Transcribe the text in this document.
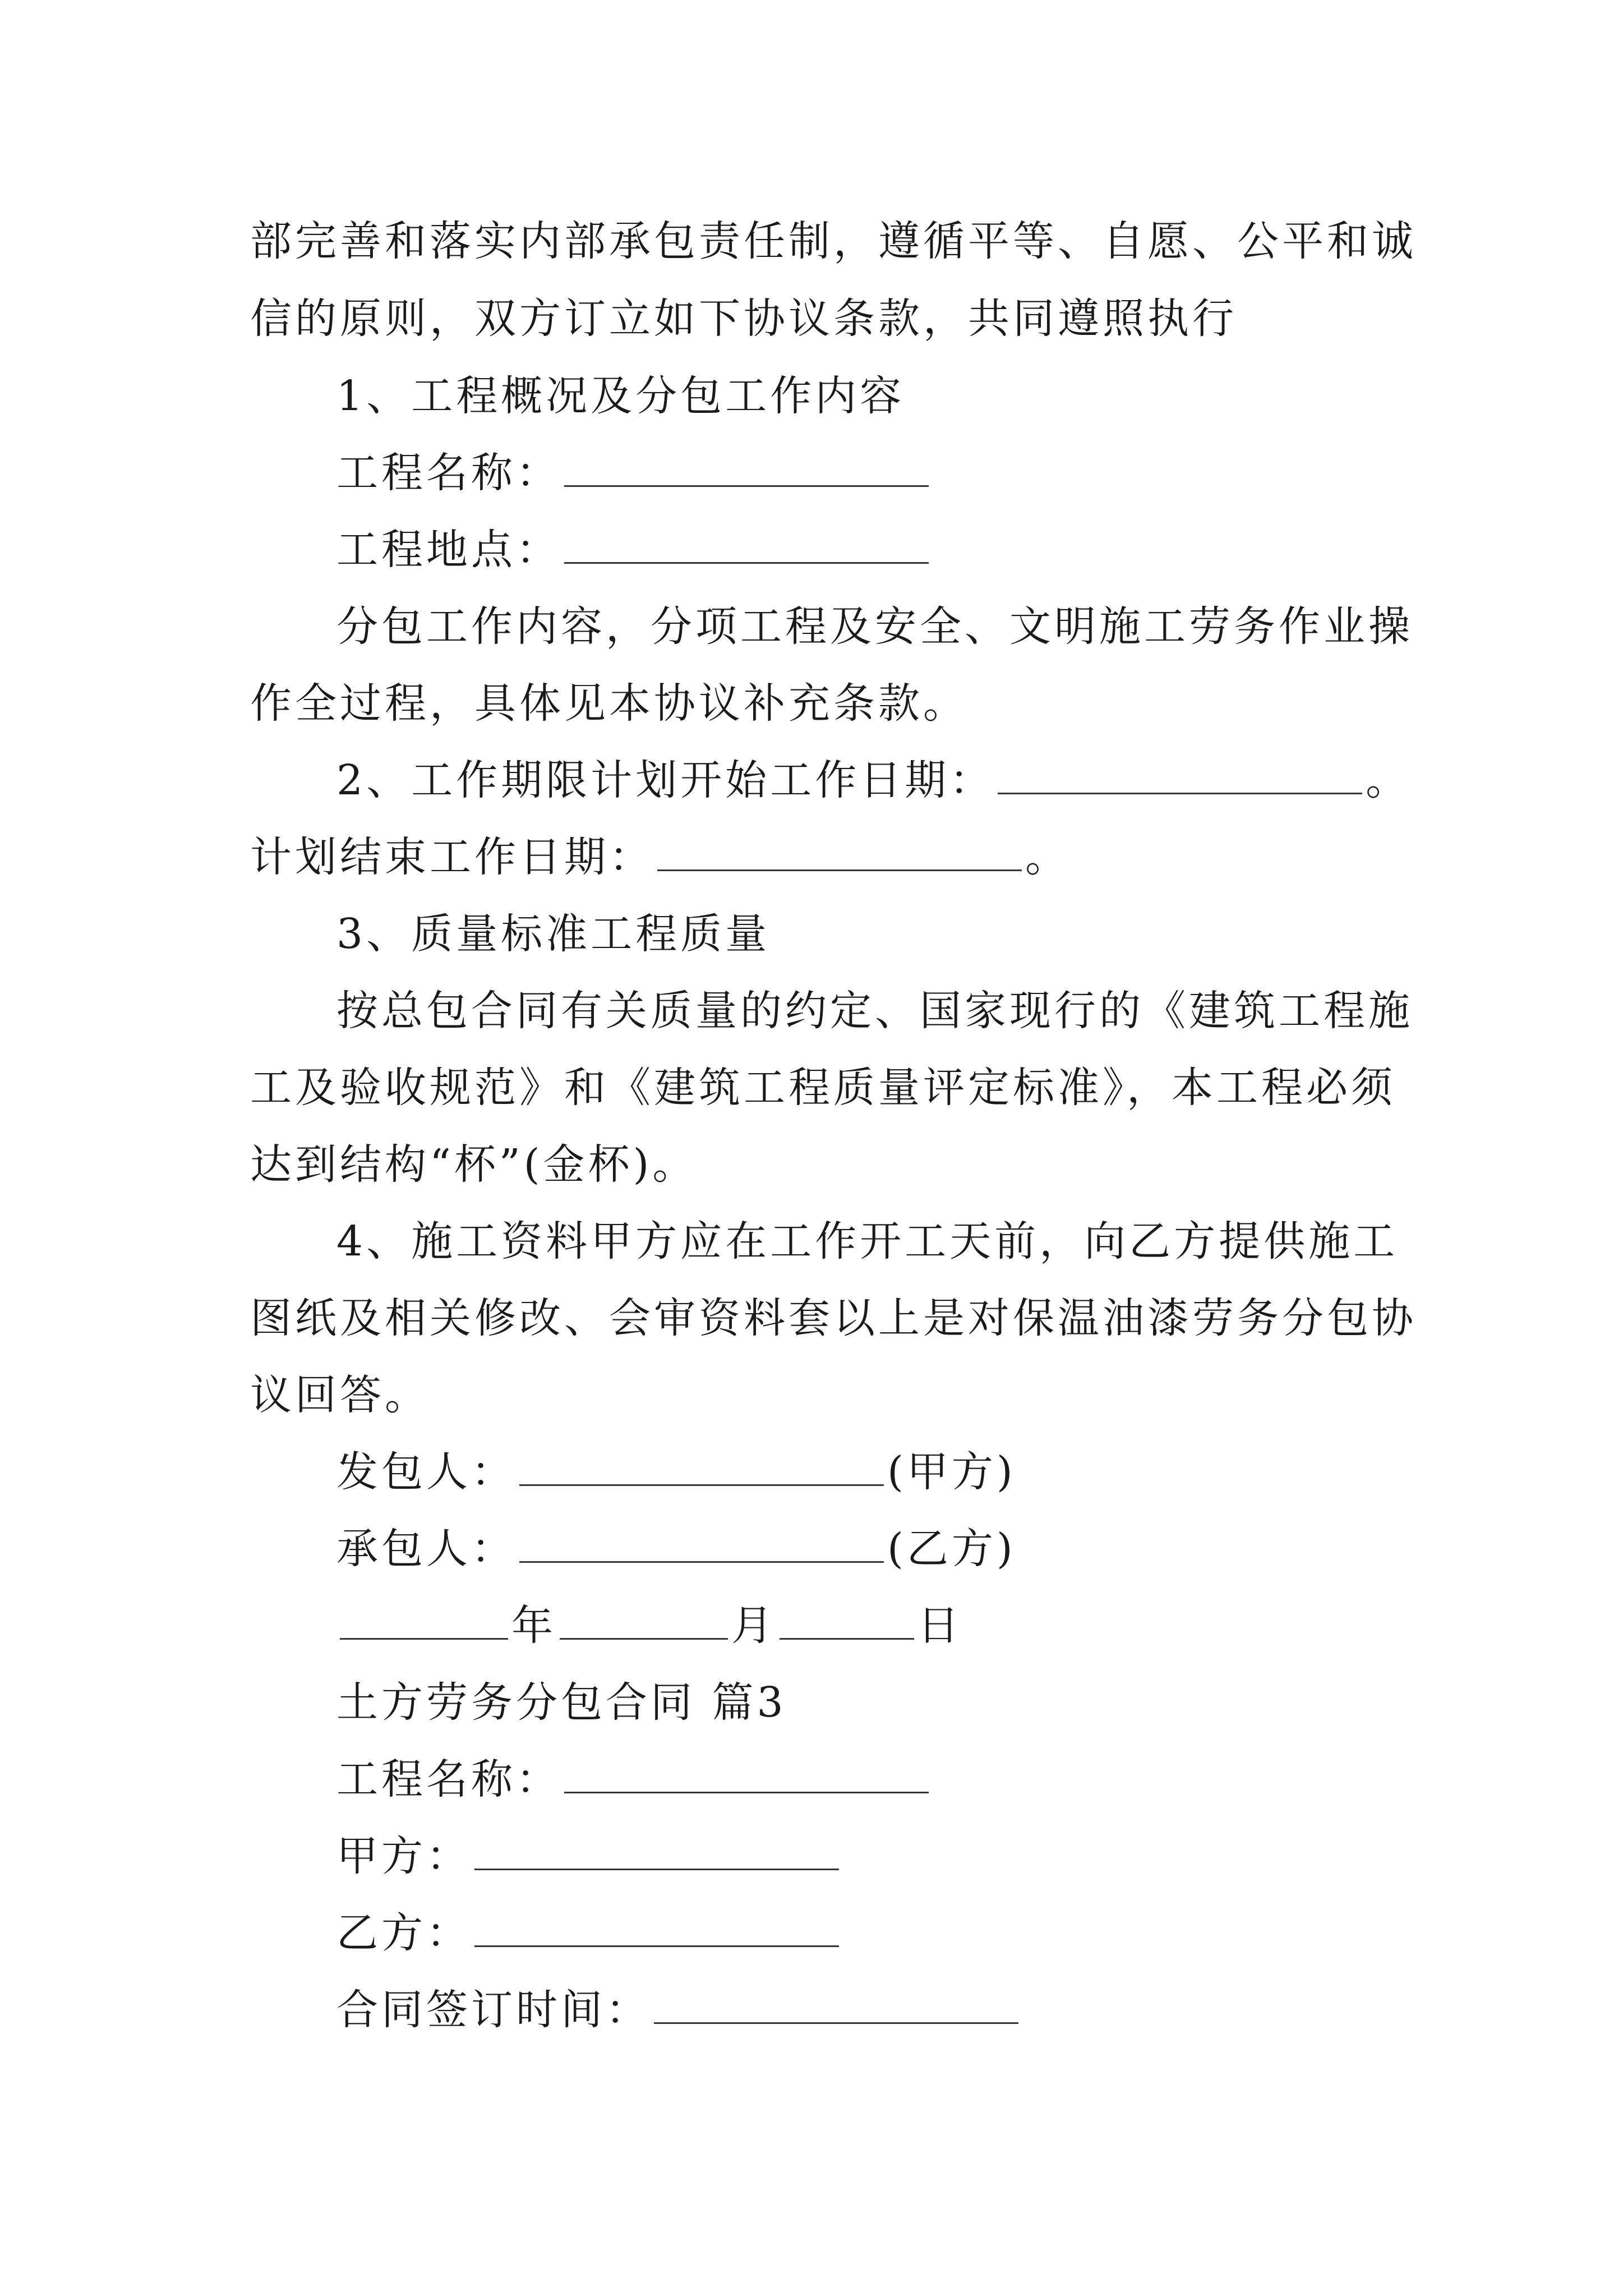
部完善和落实内部承包责任制，遵循平等、自愿、公平和诚
信的原则，双方订立如下协议条款，共同遵照执行
1、工程概况及分包工作内容
工程名称：
工程地点：
分包工作内容，分项工程及安全、文明施工劳务作业操
作全过程，具体见本协议补充条款。
2、工作期限计划开始工作日期：	。
计划结束工作日期：	。
3、质量标准工程质量
按总包合同有关质量的约定、国家现行的《建筑工程施
工及验收规范》和《建筑工程质量评定标准》，本工程必须
达到结构“杯”(金杯)。
4、施工资料甲方应在工作开工天前，向乙方提供施工
图纸及相关修改、会审资料套以上是对保温油漆劳务分包协
议回答。
发包人：	(甲方)
承包人：	(乙方)
年	月	日
土方劳务分包合同 篇3
工程名称：
甲方：
乙方：
合同签订时间：
